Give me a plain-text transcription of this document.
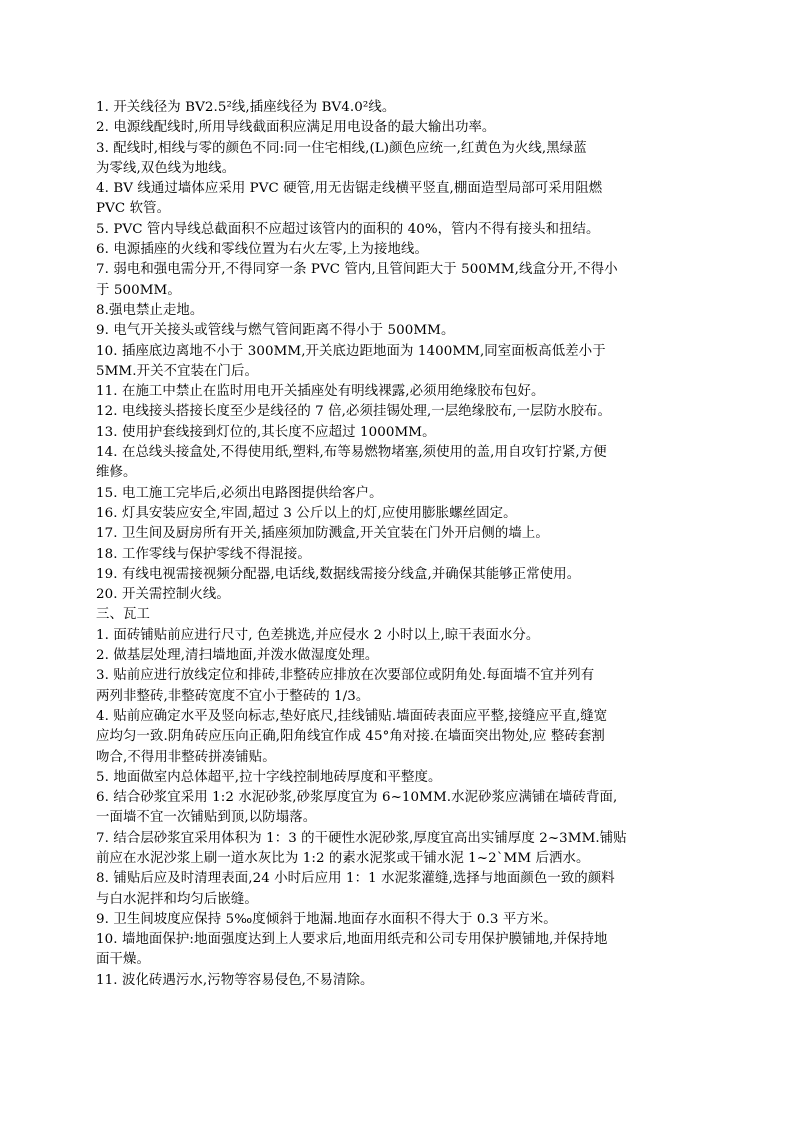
1. 开关线径为 BV2.5²线,插座线径为 BV4.0²线。
2. 电源线配线时,所用导线截面积应满足用电设备的最大输出功率。
3. 配线时,相线与零的颜色不同:同一住宅相线,(L)颜色应统一,红黄色为火线,黑绿蓝
为零线,双色线为地线。
4. BV 线通过墙体应采用 PVC 硬管,用无齿锯走线横平竖直,棚面造型局部可采用阻燃
PVC 软管。
5. PVC 管内导线总截面积不应超过该管内的面积的 40%，管内不得有接头和扭结。
6. 电源插座的火线和零线位置为右火左零,上为接地线。
7. 弱电和强电需分开,不得同穿一条 PVC 管内,且管间距大于 500MM,线盒分开,不得小
于 500MM。
8.强电禁止走地。
9. 电气开关接头或管线与燃气管间距离不得小于 500MM。
10. 插座底边离地不小于 300MM,开关底边距地面为 1400MM,同室面板高低差小于
5MM.开关不宜装在门后。
11. 在施工中禁止在监时用电开关插座处有明线裸露,必须用绝缘胶布包好。
12. 电线接头搭接长度至少是线径的 7 倍,必须挂锡处理,一层绝缘胶布,一层防水胶布。
13. 使用护套线接到灯位的,其长度不应超过 1000MM。
14. 在总线头接盒处,不得使用纸,塑料,布等易燃物堵塞,须使用的盖,用自攻钉拧紧,方便
维修。
15. 电工施工完毕后,必须出电路图提供给客户。
16. 灯具安装应安全,牢固,超过 3 公斤以上的灯,应使用膨胀螺丝固定。
17. 卫生间及厨房所有开关,插座须加防溅盒,开关宜装在门外开启侧的墙上。
18. 工作零线与保护零线不得混接。
19. 有线电视需接视频分配器,电话线,数据线需接分线盒,并确保其能够正常使用。
20. 开关需控制火线。
三、瓦工
1. 面砖铺贴前应进行尺寸, 色差挑选,并应侵水 2 小时以上,晾干表面水分。
2. 做基层处理,清扫墙地面,并泼水做湿度处理。
3. 贴前应进行放线定位和排砖,非整砖应排放在次要部位或阴角处.每面墙不宜并列有
两列非整砖,非整砖宽度不宜小于整砖的 1/3。
4. 贴前应确定水平及竖向标志,垫好底尺,挂线铺贴.墙面砖表面应平整,接缝应平直,缝宽
应均匀一致.阴角砖应压向正确,阳角线宜作成 45°角对接.在墙面突出物处,应 整砖套割
吻合,不得用非整砖拼凑铺贴。
5. 地面做室内总体超平,拉十字线控制地砖厚度和平整度。
6. 结合砂浆宜采用 1:2 水泥砂浆,砂浆厚度宜为 6~10MM.水泥砂浆应满铺在墙砖背面,
一面墙不宜一次铺贴到顶,以防塌落。
7. 结合层砂浆宜采用体积为 1：3 的干硬性水泥砂浆,厚度宜高出实铺厚度 2~3MM.铺贴
前应在水泥沙浆上刷一道水灰比为 1:2 的素水泥浆或干铺水泥 1~2`MM 后洒水。
8. 铺贴后应及时清理表面,24 小时后应用 1：1 水泥浆灌缝,选择与地面颜色一致的颜料
与白水泥拌和均匀后嵌缝。
9. 卫生间坡度应保持 5‰度倾斜于地漏.地面存水面积不得大于 0.3 平方米。
10. 墙地面保护:地面强度达到上人要求后,地面用纸壳和公司专用保护膜铺地,并保持地
面干燥。
11. 波化砖遇污水,污物等容易侵色,不易清除。
